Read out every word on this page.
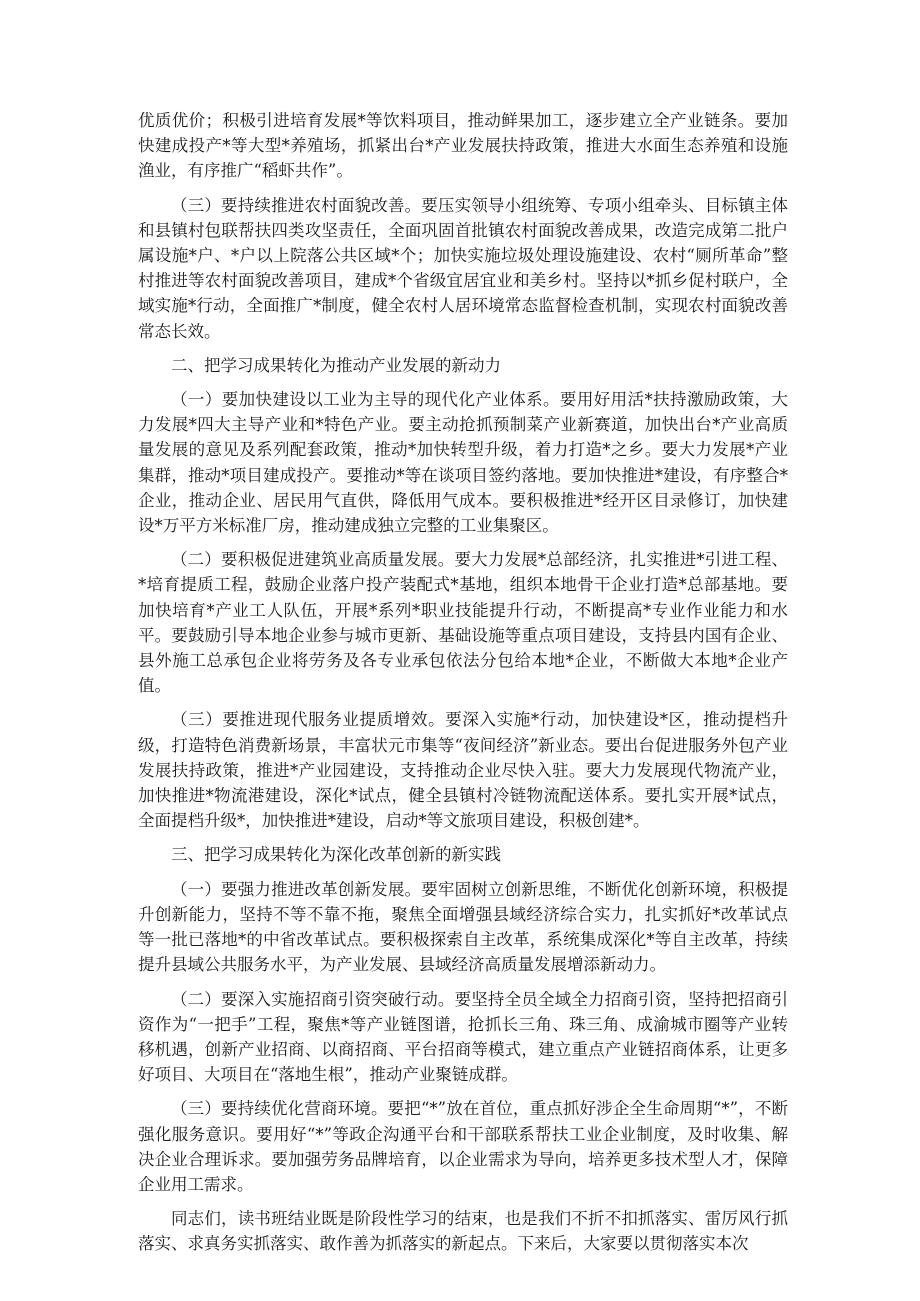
优质优价；积极引进培育发展*等饮料项目，推动鲜果加工，逐步建立全产业链条。要加快建成投产*等大型*养殖场，抓紧出台*产业发展扶持政策，推进大水面生态养殖和设施渔业，有序推广“稻虾共作”。

（三）要持续推进农村面貌改善。要压实领导小组统筹、专项小组牵头、目标镇主体和县镇村包联帮扶四类攻坚责任，全面巩固首批镇农村面貌改善成果，改造完成第二批户属设施*户、*户以上院落公共区域*个；加快实施垃圾处理设施建设、农村“厕所革命”整村推进等农村面貌改善项目，建成*个省级宜居宜业和美乡村。坚持以*抓乡促村联户，全域实施*行动，全面推广*制度，健全农村人居环境常态监督检查机制，实现农村面貌改善常态长效。

二、把学习成果转化为推动产业发展的新动力

（一）要加快建设以工业为主导的现代化产业体系。要用好用活*扶持激励政策，大力发展*四大主导产业和*特色产业。要主动抢抓预制菜产业新赛道，加快出台*产业高质量发展的意见及系列配套政策，推动*加快转型升级，着力打造*之乡。要大力发展*产业集群，推动*项目建成投产。要推动*等在谈项目签约落地。要加快推进*建设，有序整合*企业，推动企业、居民用气直供，降低用气成本。要积极推进*经开区目录修订，加快建设*万平方米标准厂房，推动建成独立完整的工业集聚区。

（二）要积极促进建筑业高质量发展。要大力发展*总部经济，扎实推进*引进工程、*培育提质工程，鼓励企业落户投产装配式*基地，组织本地骨干企业打造*总部基地。要加快培育*产业工人队伍，开展*系列*职业技能提升行动，不断提高*专业作业能力和水平。要鼓励引导本地企业参与城市更新、基础设施等重点项目建设，支持县内国有企业、县外施工总承包企业将劳务及各专业承包依法分包给本地*企业，不断做大本地*企业产值。

（三）要推进现代服务业提质增效。要深入实施*行动，加快建设*区，推动提档升级，打造特色消费新场景，丰富状元市集等“夜间经济”新业态。要出台促进服务外包产业发展扶持政策，推进*产业园建设，支持推动企业尽快入驻。要大力发展现代物流产业，加快推进*物流港建设，深化*试点，健全县镇村冷链物流配送体系。要扎实开展*试点，全面提档升级*，加快推进*建设，启动*等文旅项目建设，积极创建*。

三、把学习成果转化为深化改革创新的新实践

（一）要强力推进改革创新发展。要牢固树立创新思维，不断优化创新环境，积极提升创新能力，坚持不等不靠不拖，聚焦全面增强县域经济综合实力，扎实抓好*改革试点等一批已落地*的中省改革试点。要积极探索自主改革，系统集成深化*等自主改革，持续提升县域公共服务水平，为产业发展、县域经济高质量发展增添新动力。

（二）要深入实施招商引资突破行动。要坚持全员全域全力招商引资，坚持把招商引资作为“一把手”工程，聚焦*等产业链图谱，抢抓长三角、珠三角、成渝城市圈等产业转移机遇，创新产业招商、以商招商、平台招商等模式，建立重点产业链招商体系，让更多好项目、大项目在“落地生根”，推动产业聚链成群。

（三）要持续优化营商环境。要把“*”放在首位，重点抓好涉企全生命周期“*”，不断强化服务意识。要用好“*”等政企沟通平台和干部联系帮扶工业企业制度，及时收集、解决企业合理诉求。要加强劳务品牌培育，以企业需求为导向，培养更多技术型人才，保障企业用工需求。

同志们，读书班结业既是阶段性学习的结束，也是我们不折不扣抓落实、雷厉风行抓落实、求真务实抓落实、敢作善为抓落实的新起点。下来后，大家要以贯彻落实本次
